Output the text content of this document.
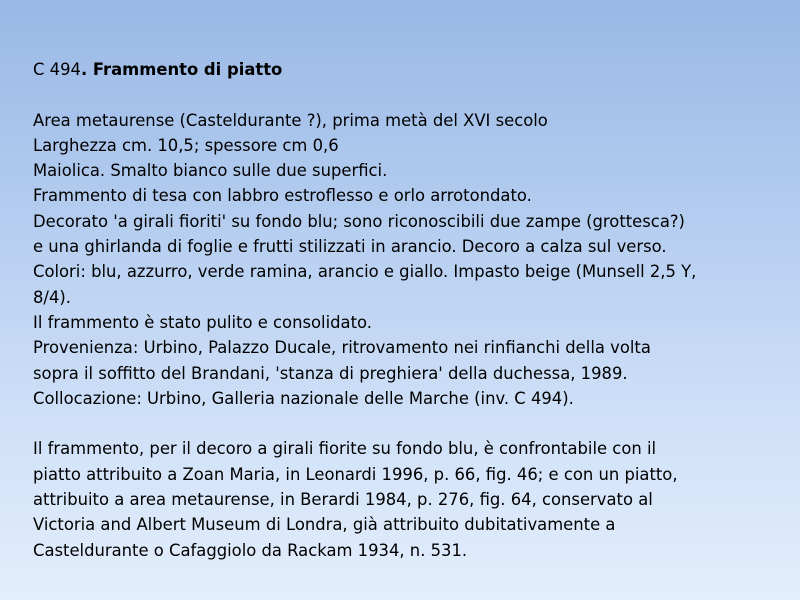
C 494. Frammento di piatto
Area metaurense (Casteldurante ?), prima metà del XVI secolo
Larghezza cm. 10,5; spessore cm 0,6
Maiolica. Smalto bianco sulle due superfici.
Frammento di tesa con labbro estroflesso e orlo arrotondato.
Decorato 'a girali fioriti' su fondo blu; sono riconoscibili due zampe (grottesca?)
e una ghirlanda di foglie e frutti stilizzati in arancio. Decoro a calza sul verso.
Colori: blu, azzurro, verde ramina, arancio e giallo. Impasto beige (Munsell 2,5 Y,
8/4).
Il frammento è stato pulito e consolidato.
Provenienza: Urbino, Palazzo Ducale, ritrovamento nei rinfianchi della volta
sopra il soffitto del Brandani, 'stanza di preghiera' della duchessa, 1989.
Collocazione: Urbino, Galleria nazionale delle Marche (inv. C 494).
Il frammento, per il decoro a girali fiorite su fondo blu, è confrontabile con il
piatto attribuito a Zoan Maria, in Leonardi 1996, p. 66, fig. 46; e con un piatto,
attribuito a area metaurense, in Berardi 1984, p. 276, fig. 64, conservato al
Victoria and Albert Museum di Londra, già attribuito dubitativamente a
Casteldurante o Cafaggiolo da Rackam 1934, n. 531.
